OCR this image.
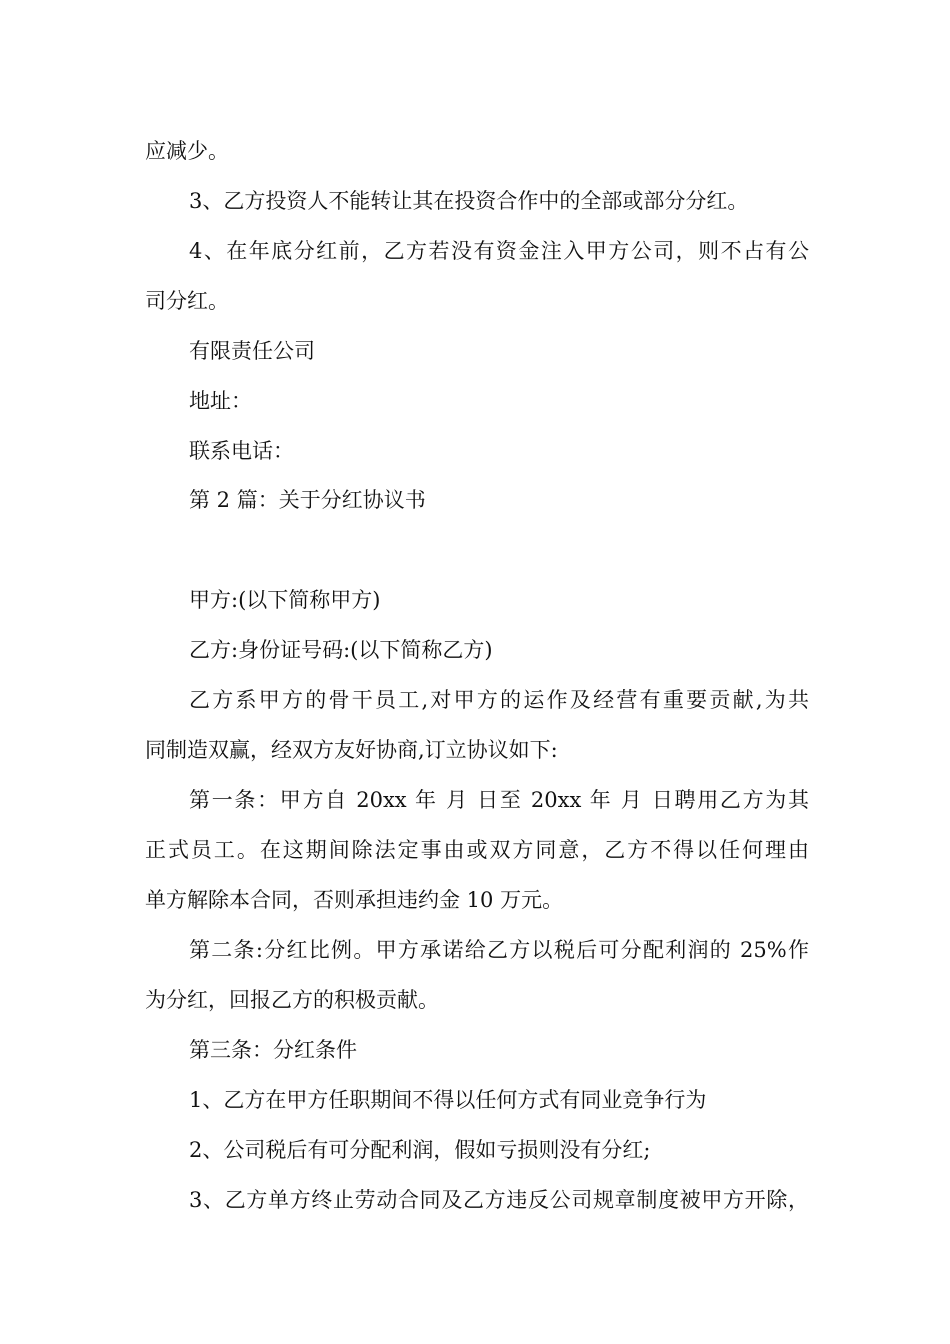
应减少。
3、乙方投资人不能转让其在投资合作中的全部或部分分红。
4、在年底分红前，乙方若没有资金注入甲方公司，则不占有公
司分红。
有限责任公司
地址：
联系电话：
第 2 篇：关于分红协议书
甲方:(以下简称甲方)
乙方:身份证号码:(以下简称乙方)
乙方系甲方的骨干员工,对甲方的运作及经营有重要贡献,为共
同制造双赢，经双方友好协商,订立协议如下:
第一条：甲方自 20xx 年 月 日至 20xx 年 月 日聘用乙方为其
正式员工。在这期间除法定事由或双方同意，乙方不得以任何理由
单方解除本合同，否则承担违约金 10 万元。
第二条:分红比例。甲方承诺给乙方以税后可分配利润的 25%作
为分红，回报乙方的积极贡献。
第三条：分红条件
1、乙方在甲方任职期间不得以任何方式有同业竞争行为
2、公司税后有可分配利润，假如亏损则没有分红;
3、乙方单方终止劳动合同及乙方违反公司规章制度被甲方开除，
